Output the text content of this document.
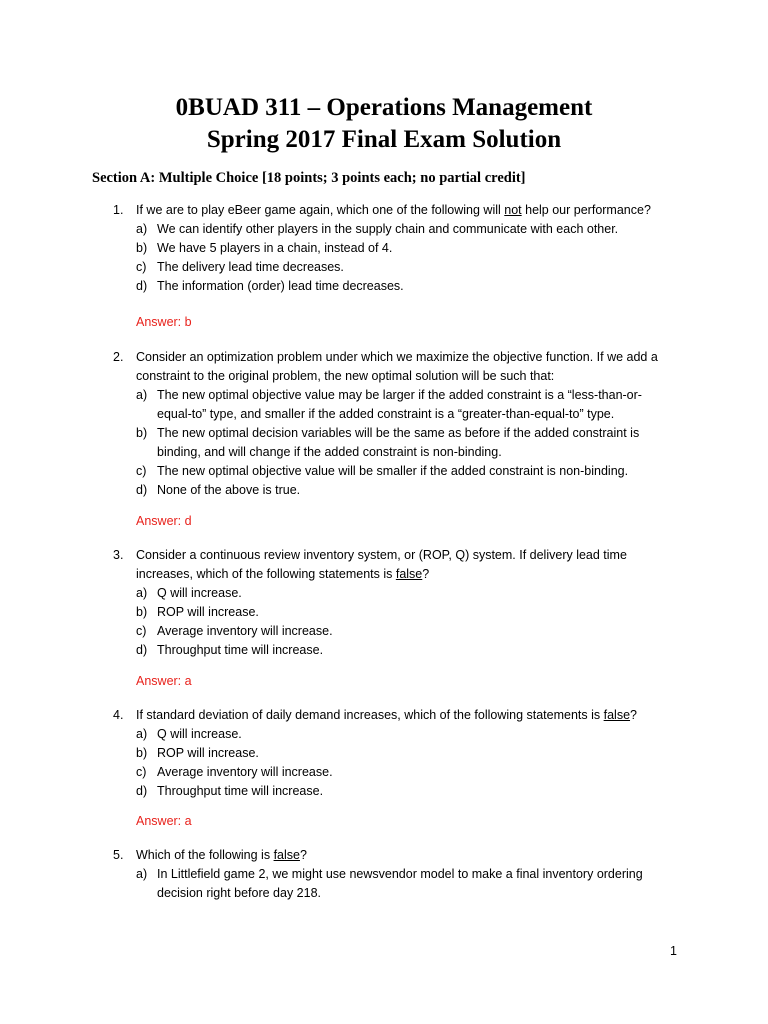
0BUAD 311 – Operations Management
Spring 2017 Final Exam Solution
Section A: Multiple Choice [18 points; 3 points each; no partial credit]
1.	If we are to play eBeer game again, which one of the following will not help our performance?
a) We can identify other players in the supply chain and communicate with each other.
b) We have 5 players in a chain, instead of 4.
c) The delivery lead time decreases.
d) The information (order) lead time decreases.
Answer: b
2.	Consider an optimization problem under which we maximize the objective function. If we add a constraint to the original problem, the new optimal solution will be such that:
a) The new optimal objective value may be larger if the added constraint is a “less-than-or-equal-to” type, and smaller if the added constraint is a “greater-than-equal-to” type.
b) The new optimal decision variables will be the same as before if the added constraint is binding, and will change if the added constraint is non-binding.
c) The new optimal objective value will be smaller if the added constraint is non-binding.
d) None of the above is true.
Answer: d
3.	Consider a continuous review inventory system, or (ROP, Q) system. If delivery lead time increases, which of the following statements is false?
a) Q will increase.
b) ROP will increase.
c) Average inventory will increase.
d) Throughput time will increase.
Answer: a
4.	If standard deviation of daily demand increases, which of the following statements is false?
a) Q will increase.
b) ROP will increase.
c) Average inventory will increase.
d) Throughput time will increase.
Answer: a
5.	Which of the following is false?
a) In Littlefield game 2, we might use newsvendor model to make a final inventory ordering decision right before day 218.
1
